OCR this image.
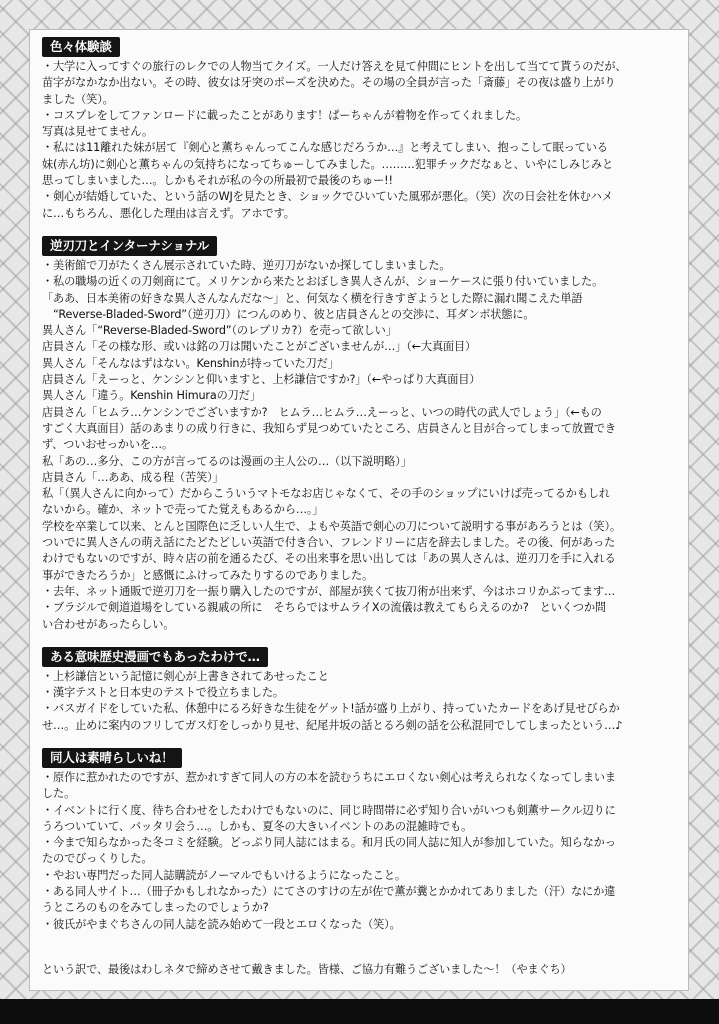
色々体験談
・大学に入ってすぐの旅行のレクでの人物当てクイズ。一人だけ答えを見て仲間にヒントを出して当てて貰うのだが、
苗字がなかなか出ない。その時、彼女は牙突のポーズを決めた。その場の全員が言った「斎藤」その夜は盛り上がり
ました（笑）。
・コスプレをしてファンロードに載ったことがあります！ぱーちゃんが着物を作ってくれました。
写真は見せてません。
・私には11離れた妹が居て『剣心と薫ちゃんってこんな感じだろうか…』と考えてしまい、抱っこして眠っている
妹(赤ん坊)に剣心と薫ちゃんの気持ちになってちゅーしてみました。………犯罪チックだなぁと、いやにしみじみと
思ってしまいました…。しかもそれが私の今の所最初で最後のちゅー!!
・剣心が結婚していた、という話のWJを見たとき、ショックでひいていた風邪が悪化。（笑）次の日会社を休むハメ
に…もちろん、悪化した理由は言えず。アホです。
逆刃刀とインターナショナル
・美術館で刀がたくさん展示されていた時、逆刃刀がないか探してしまいました。
・私の職場の近くの刀剣商にて。メリケンから来たとおぼしき異人さんが、ショーケースに張り付いていました。
「ああ、日本美術の好きな異人さんなんだな～」と、何気なく横を行きすぎようとした際に漏れ聞こえた単語
　“Reverse-Bladed-Sword”（逆刃刀）につんのめり、彼と店員さんとの交渉に、耳ダンボ状態に。
異人さん「“Reverse-Bladed-Sword”（のレプリカ?）を売って欲しい」
店員さん「その様な形、或いは銘の刀は聞いたことがございませんが…」（←大真面目）
異人さん「そんなはずはない。Kenshinが持っていた刀だ」
店員さん「えーっと、ケンシンと仰いますと、上杉謙信ですか?」（←やっぱり大真面目）
異人さん「違う。Kenshin Himuraの刀だ」
店員さん「ヒムラ…ケンシンでございますか?　ヒムラ…ヒムラ…えーっと、いつの時代の武人でしょう」（←もの
すごく大真面目）話のあまりの成り行きに、我知らず見つめていたところ、店員さんと目が合ってしまって放置でき
ず、ついおせっかいを…。
私「あの…多分、この方が言ってるのは漫画の主人公の…（以下説明略）」
店員さん「…ああ、成る程（苦笑）」
私「（異人さんに向かって）だからこういうマトモなお店じゃなくて、その手のショップにいけば売ってるかもしれ
ないから。確か、ネットで売ってた覚えもあるから…。」
学校を卒業して以来、とんと国際色に乏しい人生で、よもや英語で剣心の刀について説明する事があろうとは（笑）。
ついでに異人さんの萌え話にたどたどしい英語で付き合い、フレンドリーに店を辞去しました。その後、何があった
わけでもないのですが、時々店の前を通るたび、その出来事を思い出しては「あの異人さんは、逆刃刀を手に入れる
事ができたろうか」と感慨にふけってみたりするのでありました。
・去年、ネット通販で逆刃刀を一振り購入したのですが、部屋が狭くて抜刀術が出来ず、今はホコリかぶってます…
・ブラジルで剣道道場をしている親戚の所に　そちらではサムライXの流儀は教えてもらえるのか?　といくつか問
い合わせがあったらしい。
ある意味歴史漫画でもあったわけで…
・上杉謙信という記憶に剣心が上書きされてあせったこと
・漢字テストと日本史のテストで役立ちました。
・バスガイドをしていた私、休憩中にるろ好きな生徒をゲット!話が盛り上がり、持っていたカードをあげ見せびらか
せ…。止めに案内のフリしてガス灯をしっかり見せ、紀尾井坂の話とるろ剣の話を公私混同でしてしまったという…♪
同人は素晴らしいね！
・原作に惹かれたのですが、惹かれすぎて同人の方の本を読むうちにエロくない剣心は考えられなくなってしまいま
した。
・イベントに行く度、待ち合わせをしたわけでもないのに、同じ時間帯に必ず知り合いがいつも剣薫サークル辺りに
うろついていて、バッタリ会う…。しかも、夏冬の大きいイベントのあの混雑時でも。
・今まで知らなかった冬コミを経験。どっぷり同人誌にはまる。和月氏の同人誌に知人が参加していた。知らなかっ
たのでびっくりした。
・やおい専門だった同人誌購読がノーマルでもいけるようになったこと。
・ある同人サイト…（冊子かもしれなかった）にてさのすけの左が佐で薫が糞とかかれてありました（汗）なにか違
うところのものをみてしまったのでしょうか?
・彼氏がやまぐちさんの同人誌を読み始めて一段とエロくなった（笑）。
という訳で、最後はわしネタで締めさせて戴きました。皆様、ご協力有難うございました～！（やまぐち）
